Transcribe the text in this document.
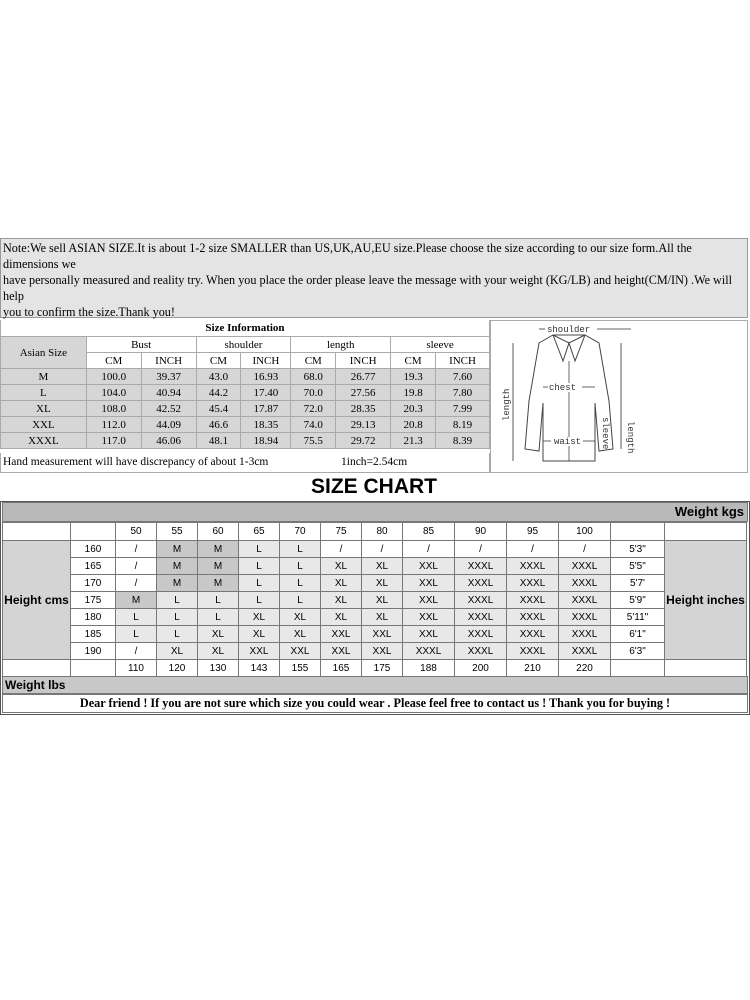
Note:We sell ASIAN SIZE.It is about 1-2 size SMALLER than US,UK,AU,EU size.Please choose the size according to our size form.All the dimensions we
have personally measured and reality try. When you place the order please leave the message with your weight (KG/LB) and height(CM/IN) .We will help
you to confirm the size.Thank you!
Size Information								
Asian Size	Bust		shoulder		length		sleeve	
	CM	INCH	CM	INCH	CM	INCH	CM	INCH
M	100.0	39.37	43.0	16.93	68.0	26.77	19.3	7.60
L	104.0	40.94	44.2	17.40	70.0	27.56	19.8	7.80
XL	108.0	42.52	45.4	17.87	72.0	28.35	20.3	7.99
XXL	112.0	44.09	46.6	18.35	74.0	29.13	20.8	8.19
XXXL	117.0	46.06	48.1	18.94	75.5	29.72	21.3	8.39
Hand measurement will have discrepancy of about 1-3cm	1inch=2.54cm
shoulder
chest
waist
length
sleeve length
SIZE CHART
Weight kgs
		50	55	60	65	70	75	80	85	90	95	100		
Height cms	160	/	M	M	L	L	/	/	/	/	/	/	5'3"	Height inches
	165	/	M	M	L	L	XL	XL	XXL	XXXL	XXXL	XXXL	5'5"	
	170	/	M	M	L	L	XL	XL	XXL	XXXL	XXXL	XXXL	5'7'	
	175	M	L	L	L	L	XL	XL	XXL	XXXL	XXXL	XXXL	5'9"	
	180	L	L	L	XL	XL	XL	XL	XXL	XXXL	XXXL	XXXL	5'11"	
	185	L	L	XL	XL	XL	XXL	XXL	XXL	XXXL	XXXL	XXXL	6'1"	
	190	/	XL	XL	XXL	XXL	XXL	XXL	XXXL	XXXL	XXXL	XXXL	6'3"	
		110	120	130	143	155	165	175	188	200	210	220		
Weight lbs
Dear friend ! If you are not sure which size you could wear . Please feel free to contact us ! Thank you for buying !
